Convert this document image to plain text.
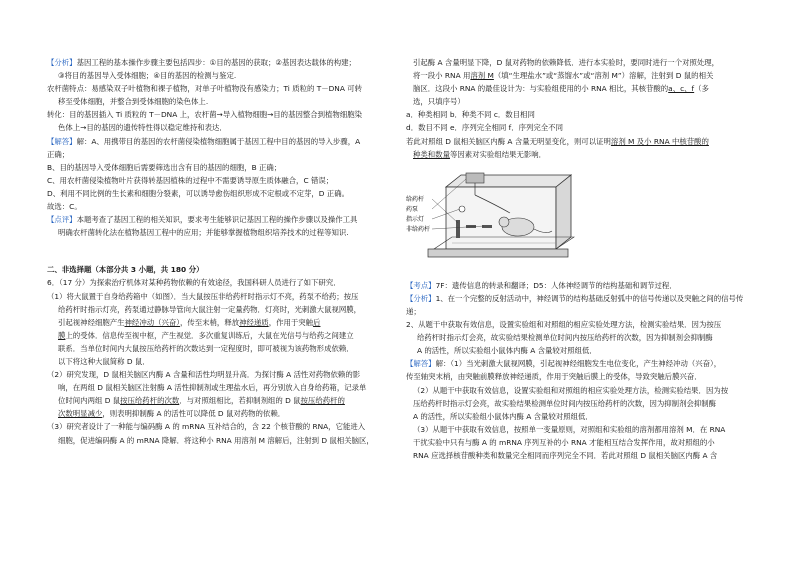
【分析】基因工程的基本操作步骤主要包括四步：①目的基因的获取；②基因表达载体的构建；

③将目的基因导入受体细胞；④目的基因的检测与鉴定.

农杆菌特点：易感染双子叶植物和裸子植物，对单子叶植物没有感染力；Ti 质粒的 T－DNA 可转

移至受体细胞，并整合到受体细胞的染色体上.

转化：目的基因插入 Ti 质粒的 T－DNA 上，农杆菌→导入植物细胞→目的基因整合到植物细胞染

色体上→目的基因的遗传特性得以稳定维持和表达．

【解答】解：A、用携带目的基因的农杆菌侵染植物细胞属于基因工程中目的基因的导入步骤，A

正确；

B、目的基因导入受体细胞后需要筛选出含有目的基因的细胞，B 正确；

C、用农杆菌侵染植物叶片获得转基因植株的过程中不需要诱导原生质体融合，C 错误；

D、利用不同比例的生长素和细胞分裂素，可以诱导愈伤组织形成不定根或不定芽，D 正确。

故选：C。

【点评】本题考查了基因工程的相关知识，要求考生能够识记基因工程的操作步骤以及操作工具

明确农杆菌转化法在植物基因工程中的应用；并能够掌握植物组织培养技术的过程等知识.

二、非选择题（本部分共 3 小题，共 180 分）

6．（17 分）为探索治疗机体对某种药物依赖的有效途径，我国科研人员进行了如下研究．

（1）将大鼠置于自身给药箱中（如图）．当大鼠按压非给药杆时指示灯不亮，药泵不给药；按压

给药杆时指示灯亮，药泵通过静脉导管向大鼠注射一定量药物．灯亮时，光刺激大鼠视网膜，

引起视神经细胞产生神经冲动（兴奋），传至末梢，释放神经递质，作用于突触后

膜上的受体．信息传至视中枢，产生视觉．多次重复训练后，大鼠在光信号与给药之间建立

联系．当单位时间内大鼠按压给药杆的次数达到一定程度时，即可被视为该药物形成依赖．

以下将这种大鼠简称 D 鼠．

（2）研究发现，D 鼠相关脑区内酶 A 含量和活性均明显升高．为探讨酶 A 活性对药物依赖的影

响，在两组 D 鼠相关脑区注射酶 A 活性抑制剂或生理盐水后，再分别放入自身给药箱，记录单

位时间内两组 D 鼠按压给药杆的次数．与对照组相比，若抑制剂组的 D 鼠按压给药杆的

次数明显减少，则表明抑制酶 A 的活性可以降低 D 鼠对药物的依赖．

（3）研究者设计了一种能与编码酶 A 的 mRNA 互补结合的，含 22 个核苷酸的 RNA，它能进入

细胞，促进编码酶 A 的 mRNA 降解．将这种小 RNA 用溶剂 M 溶解后，注射到 D 鼠相关脑区，

引起酶 A 含量明显下降，D 鼠对药物的依赖降低．进行本实验时，要同时进行一个对照处理，

将一段小 RNA 用溶剂 M（填“生理盐水”或“蒸馏水”或“溶剂 M”）溶解，注射到 D 鼠的相关

脑区．这段小 RNA 的最佳设计为：与实验组使用的小 RNA 相比，其核苷酸的a、c、f（多

选，只填序号）

a．种类相同 b．种类不同 c．数目相同

d．数目不同 e．序列完全相同 f．序列完全不同

若此对照组 D 鼠相关脑区内酶 A 含量无明显变化，则可以证明溶剂 M 及小 RNA 中核苷酸的

种类和数量等因素对实验组结果无影响．

给药杆
药泵
指示灯
非给药杆

【考点】7F：遗传信息的转录和翻译；D5：人体神经调节的结构基础和调节过程．

【分析】1、在一个完整的反射活动中，神经调节的结构基础反射弧中的信号传递以及突触之间的信号传递；

2、从题干中获取有效信息，设置实验组和对照组的相应实验处理方法，检测实验结果．因为按压

给药杆时指示灯会亮，故实验结果检测单位时间内按压给药杆的次数，因为抑制剂会抑制酶

A 的活性，所以实验组小鼠体内酶 A 含量较对照组低．

【解答】解：（1）当光刺激大鼠视网膜，引起视神经细胞发生电位变化，产生神经冲动（兴奋），

传至轴突末梢，由突触前膜释放神经递质，作用于突触后膜上的受体，导致突触后膜兴奋．

（2）从题干中获取有效信息，设置实验组和对照组的相应实验处理方法，检测实验结果．因为按

压给药杆时指示灯会亮，故实验结果检测单位时间内按压给药杆的次数，因为抑制剂会抑制酶

A 的活性，所以实验组小鼠体内酶 A 含量较对照组低．

（3）从题干中获取有效信息，按照单一变量原则，对照组和实验组的溶剂都用溶剂 M．在 RNA

干扰实验中只有与酶 A 的 mRNA 序列互补的小 RNA 才能相互结合发挥作用，故对照组的小

RNA 应选择核苷酸种类和数量完全相同而序列完全不同．若此对照组 D 鼠相关脑区内酶 A 含
